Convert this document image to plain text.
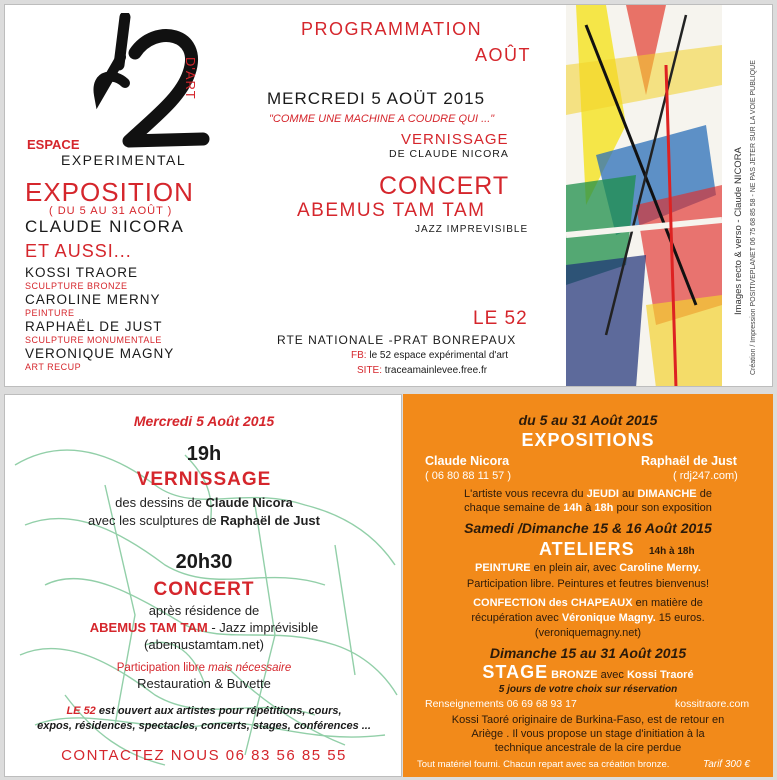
ESPACE
EXPERIMENTAL
D'ART
EXPOSITION
( DU 5 AU 31 AOÛT )
CLAUDE NICORA
ET AUSSI...
KOSSI TRAORE
SCULPTURE BRONZE
CAROLINE MERNY
PEINTURE
RAPHAËL DE JUST
SCULPTURE MONUMENTALE
VERONIQUE MAGNY
ART RECUP
PROGRAMMATION
AOÛT
MERCREDI 5 AOÜT 2015
"COMME UNE MACHINE A COUDRE QUI ..."
VERNISSAGE
DE CLAUDE NICORA
CONCERT
ABEMUS TAM TAM
JAZZ IMPREVISIBLE
LE 52
RTE NATIONALE -PRAT BONREPAUX
FB: le 52 espace expérimental d'art
SITE: traceamainlevee.free.fr
Images recto & verso - Claude NICORA Création / Impression POSITIVEPLANET 06 75 68 85 58 - NE PAS JETER SUR LA VOIE PUBLIQUE
Mercredi 5 Août 2015
19h
VERNISSAGE
des dessins de Claude Nicora
avec les sculptures de Raphaël de Just
20h30
CONCERT
après résidence de
ABEMUS TAM TAM - Jazz imprévisible
(abemustamtam.net)
Participation libre mais nécessaire
Restauration & Buvette
LE 52 est ouvert aux artistes pour répétitions, cours,
expos, résidences, spectacles, concerts, stages, conférences ...
CONTACTEZ NOUS 06 83 56 85 55
du 5 au 31 Août 2015
EXPOSITIONS
Claude Nicora
( 06 80 88 11 57 )
Raphaël de Just
( rdj247.com)
L'artiste vous recevra du JEUDI au DIMANCHE de
chaque semaine de 14h à 18h pour son exposition
Samedi /Dimanche 15 & 16 Août 2015
ATELIERS 14h à 18h
PEINTURE en plein air, avec Caroline Merny.
Participation libre. Peintures et feutres bienvenus!
CONFECTION des CHAPEAUX en matière de
récupération avec Véronique Magny. 15 euros.
(veroniquemagny.net)
Dimanche 15 au 31 Août 2015
STAGE BRONZE avec Kossi Traoré
5 jours de votre choix sur réservation
Renseignements 06 69 68 93 17	kossitraore.com
Kossi Taoré originaire de Burkina-Faso, est de retour en
Ariège . Il vous propose un stage d'initiation à la
technique ancestrale de la cire perdue
Tout matériel fourni. Chacun repart avec sa création bronze.	Tarif 300 €
